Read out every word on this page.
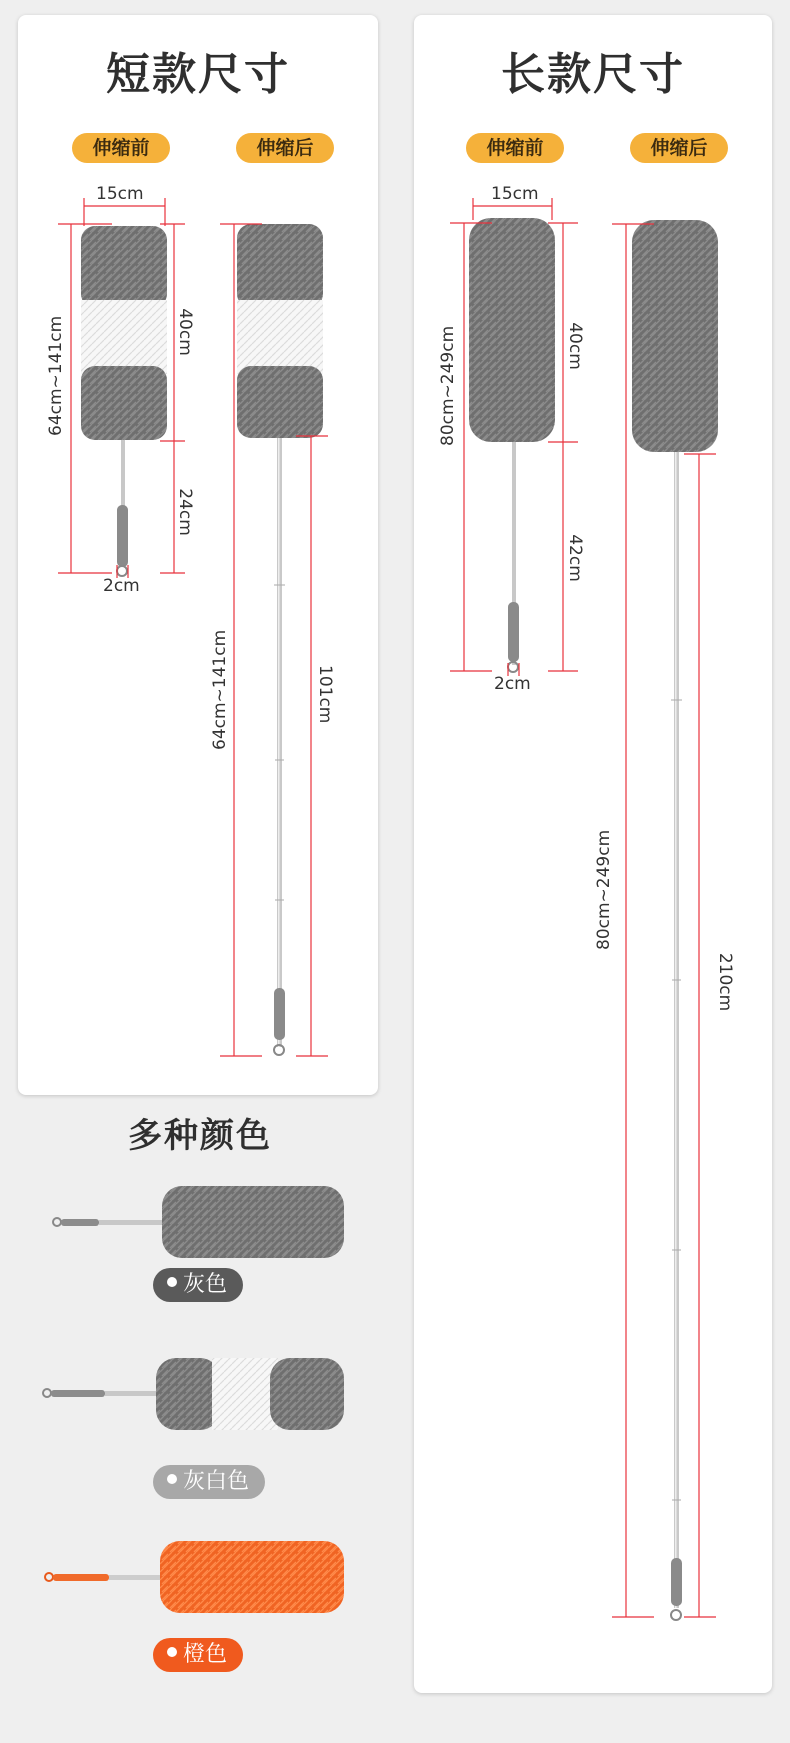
短款尺寸	长款尺寸
伸缩前	伸缩后	伸缩前	伸缩后
15cm
64cm~141cm	40cm
24cm
2cm
64cm~141cm	101cm
15cm
80cm~249cm	40cm
42cm
2cm
80cm~249cm
210cm
多种颜色
灰色
灰白色
橙色
